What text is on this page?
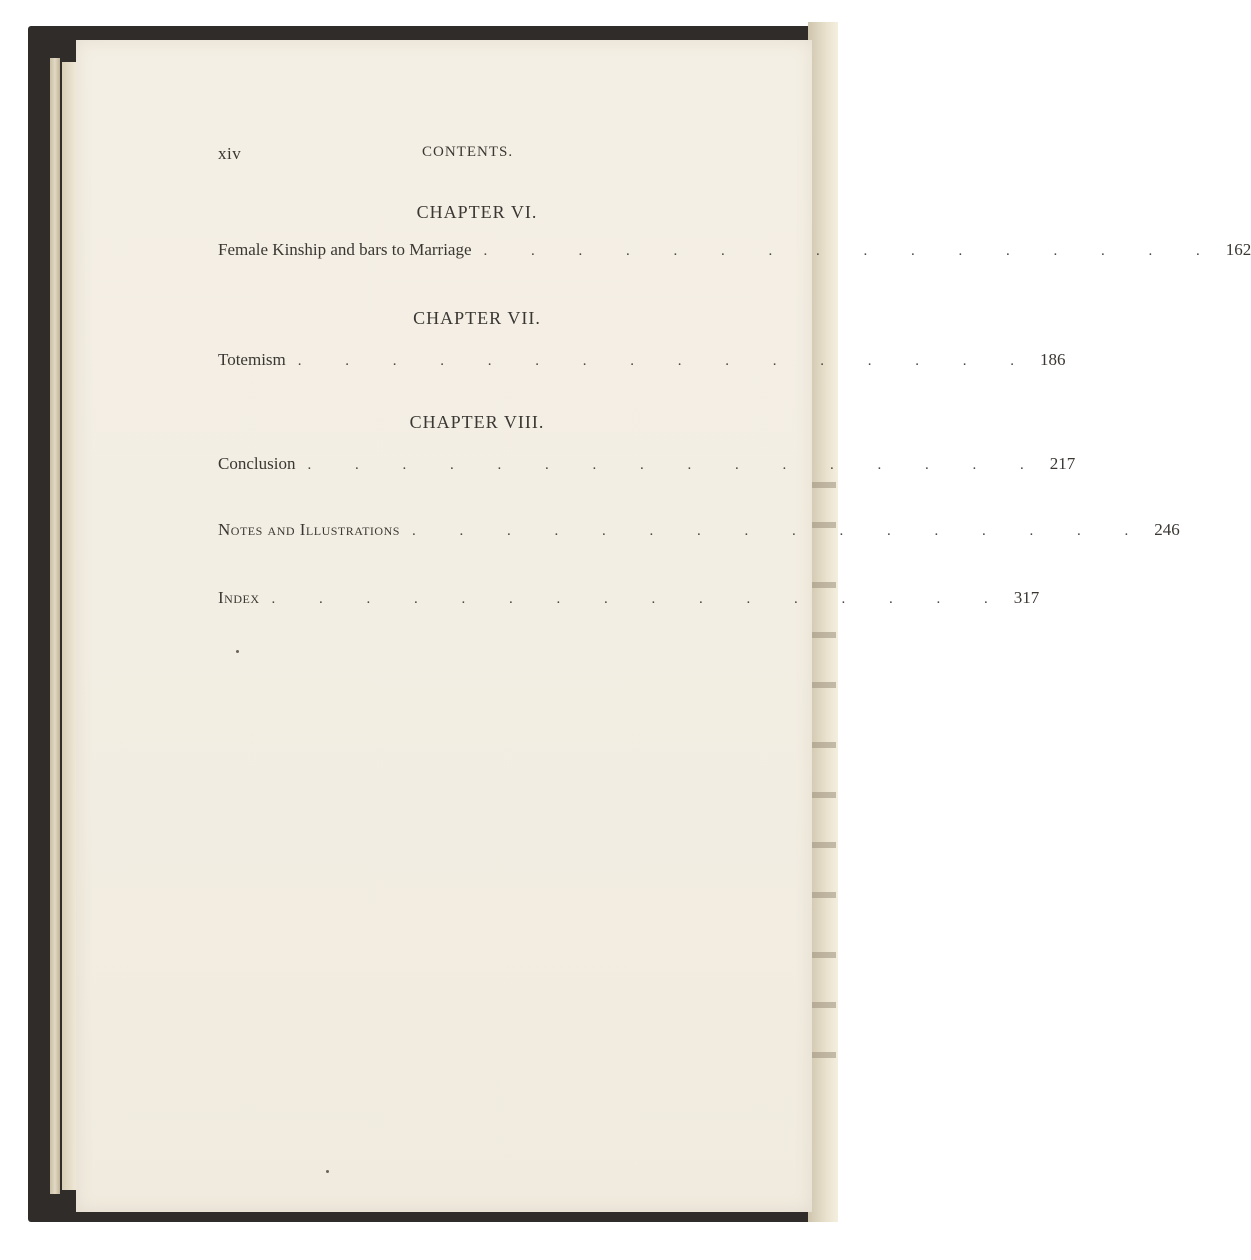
xiv	CONTENTS.
CHAPTER VI.
Female Kinship and bars to Marriage . . . . . . . . . . . . . . . . 162
CHAPTER VII.
Totemism . . . . . . . . . . . . . . . . 186
CHAPTER VIII.
Conclusion . . . . . . . . . . . . . . . . 217
Notes and Illustrations . . . . . . . . . . . . . . . . 246
Index . . . . . . . . . . . . . . . . 317
